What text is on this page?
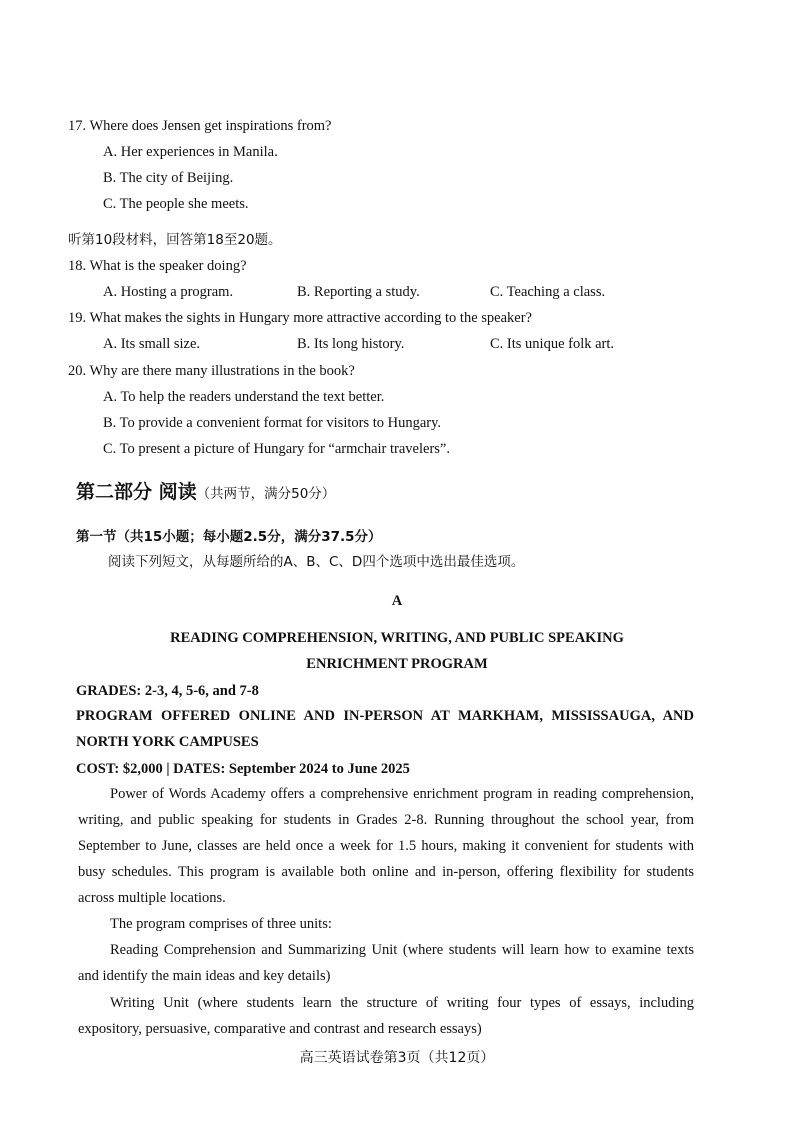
17. Where does Jensen get inspirations from?
A. Her experiences in Manila.
B. The city of Beijing.
C. The people she meets.
听第10段材料，回答第18至20题。
18. What is the speaker doing?
A. Hosting a program.	B. Reporting a study.	C. Teaching a class.
19. What makes the sights in Hungary more attractive according to the speaker?
A. Its small size.	B. Its long history.	C. Its unique folk art.
20. Why are there many illustrations in the book?
A. To help the readers understand the text better.
B. To provide a convenient format for visitors to Hungary.
C. To present a picture of Hungary for “armchair travelers”.
第二部分 阅读（共两节，满分50分）
第一节（共15小题；每小题2.5分，满分37.5分）
阅读下列短文，从每题所给的A、B、C、D四个选项中选出最佳选项。
A
READING COMPREHENSION, WRITING, AND PUBLIC SPEAKING
ENRICHMENT PROGRAM
GRADES: 2-3, 4, 5-6, and 7-8

PROGRAM OFFERED ONLINE AND IN-PERSON AT MARKHAM, MISSISSAUGA, AND NORTH YORK CAMPUSES

COST: $2,000 | DATES: September 2024 to June 2025

Power of Words Academy offers a comprehensive enrichment program in reading comprehension, writing, and public speaking for students in Grades 2-8. Running throughout the school year, from September to June, classes are held once a week for 1.5 hours, making it convenient for students with busy schedules. This program is available both online and in-person, offering flexibility for students across multiple locations.

The program comprises of three units:

Reading Comprehension and Summarizing Unit (where students will learn how to examine texts and identify the main ideas and key details)

Writing Unit (where students learn the structure of writing four types of essays, including expository, persuasive, comparative and contrast and research essays)

高三英语试卷第3页（共12页）
